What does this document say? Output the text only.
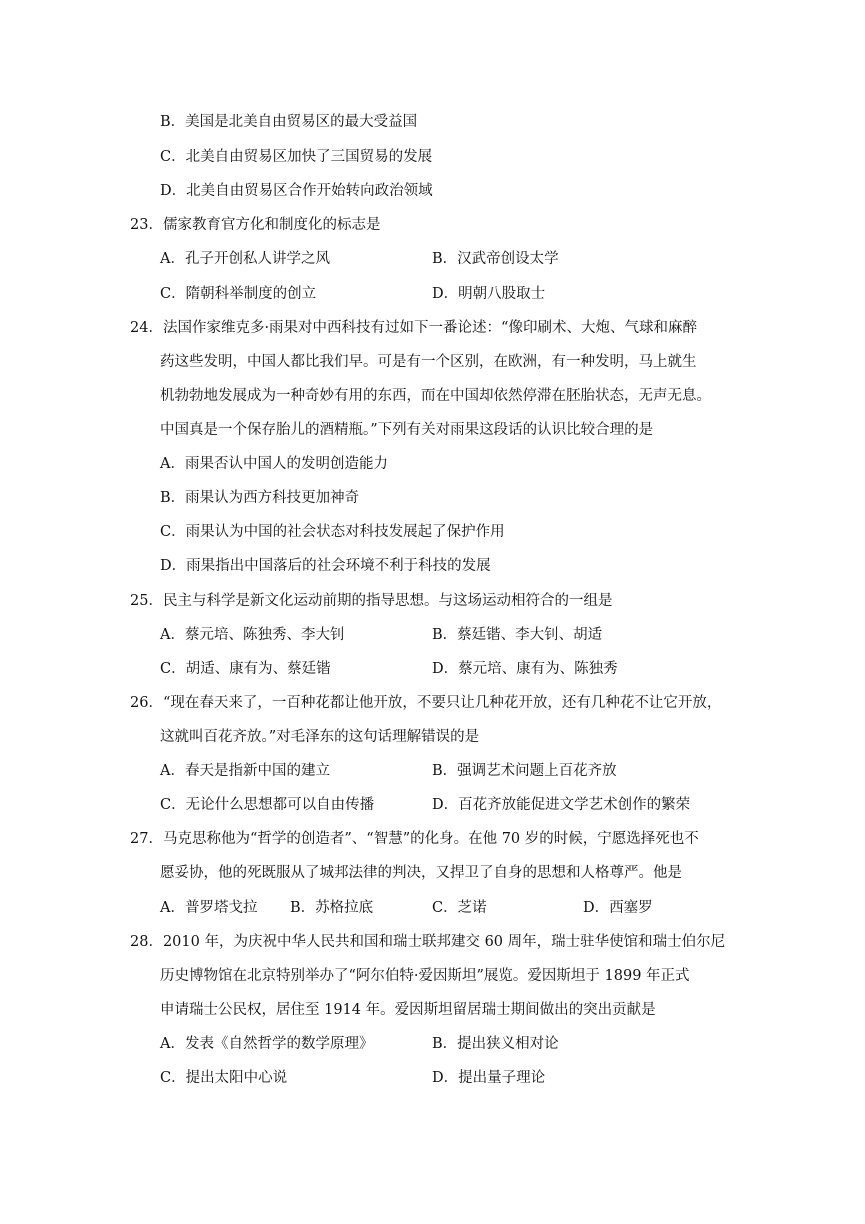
B．美国是北美自由贸易区的最大受益国
C．北美自由贸易区加快了三国贸易的发展
D．北美自由贸易区合作开始转向政治领域
23．儒家教育官方化和制度化的标志是
A．孔子开创私人讲学之风	B．汉武帝创设太学
C．隋朝科举制度的创立	D．明朝八股取士
24．法国作家维克多·雨果对中西科技有过如下一番论述：“像印刷术、大炮、气球和麻醉
药这些发明，中国人都比我们早。可是有一个区别，在欧洲，有一种发明，马上就生
机勃勃地发展成为一种奇妙有用的东西，而在中国却依然停滞在胚胎状态，无声无息。
中国真是一个保存胎儿的酒精瓶。”下列有关对雨果这段话的认识比较合理的是
A．雨果否认中国人的发明创造能力
B．雨果认为西方科技更加神奇
C．雨果认为中国的社会状态对科技发展起了保护作用
D．雨果指出中国落后的社会环境不利于科技的发展
25．民主与科学是新文化运动前期的指导思想。与这场运动相符合的一组是
A．蔡元培、陈独秀、李大钊	B．蔡廷锴、李大钊、胡适
C．胡适、康有为、蔡廷锴	D．蔡元培、康有为、陈独秀
26．“现在春天来了，一百种花都让他开放，不要只让几种花开放，还有几种花不让它开放，
这就叫百花齐放。”对毛泽东的这句话理解错误的是
A．春天是指新中国的建立	B．强调艺术问题上百花齐放
C．无论什么思想都可以自由传播	D．百花齐放能促进文学艺术创作的繁荣
27．马克思称他为“哲学的创造者”、“智慧”的化身。在他 70 岁的时候，宁愿选择死也不
愿妥协，他的死既服从了城邦法律的判决，又捍卫了自身的思想和人格尊严。他是
A．普罗塔戈拉 B．苏格拉底	C．芝诺	D．西塞罗
28．2010 年，为庆祝中华人民共和国和瑞士联邦建交 60 周年，瑞士驻华使馆和瑞士伯尔尼
历史博物馆在北京特别举办了“阿尔伯特·爱因斯坦”展览。爱因斯坦于 1899 年正式
申请瑞士公民权，居住至 1914 年。爱因斯坦留居瑞士期间做出的突出贡献是
A．发表《自然哲学的数学原理》	B．提出狭义相对论
C．提出太阳中心说	D．提出量子理论
